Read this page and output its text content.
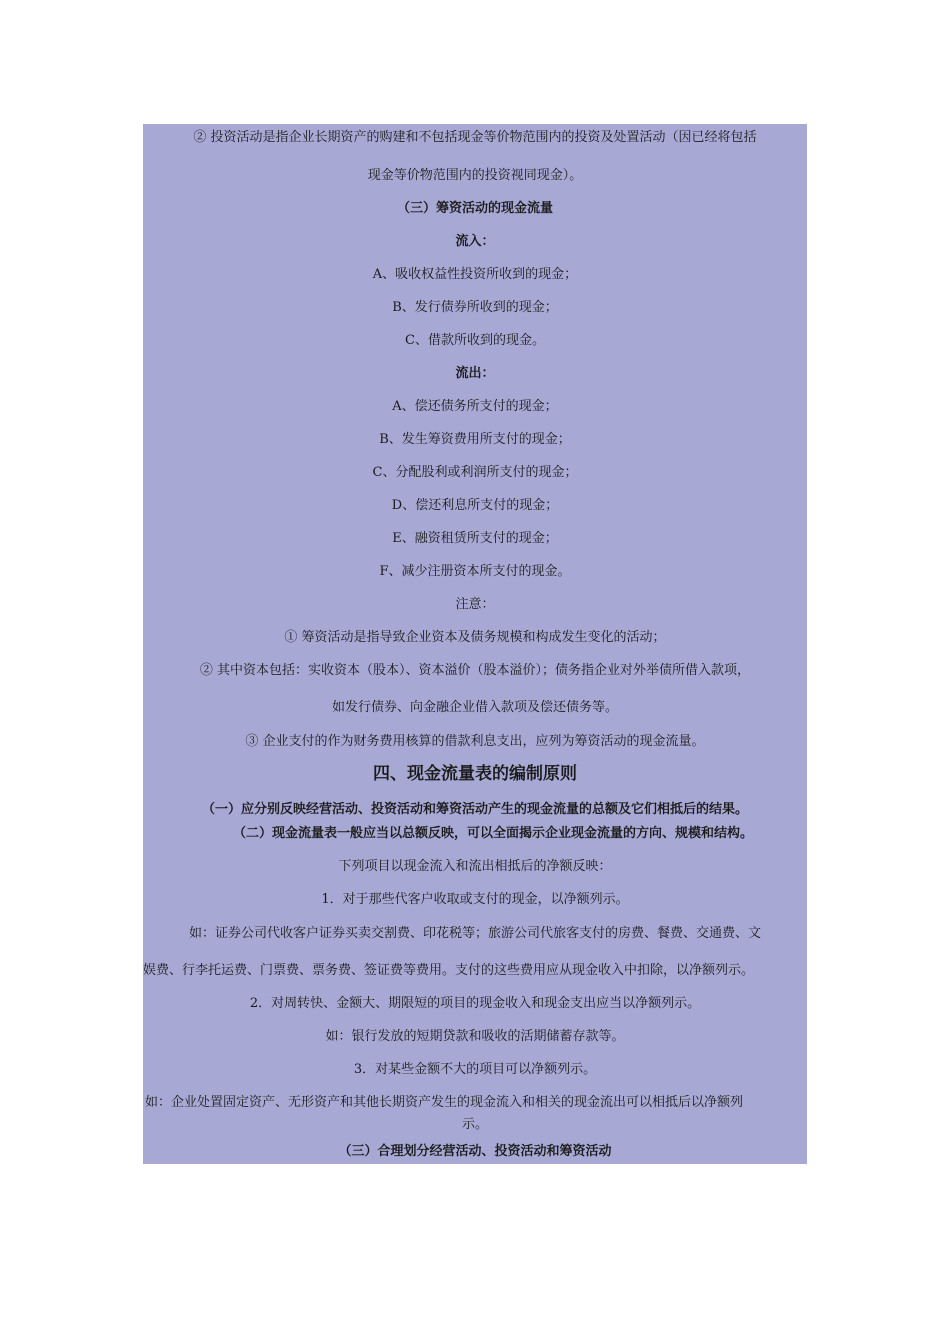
② 投资活动是指企业长期资产的购建和不包括现金等价物范围内的投资及处置活动（因已经将包括
现金等价物范围内的投资视同现金）。
（三）筹资活动的现金流量
流入：
A、吸收权益性投资所收到的现金；
B、发行债券所收到的现金；
C、借款所收到的现金。
流出：
A、偿还债务所支付的现金；
B、发生筹资费用所支付的现金；
C、分配股利或利润所支付的现金；
D、偿还利息所支付的现金；
E、融资租赁所支付的现金；
F、减少注册资本所支付的现金。
注意：
① 筹资活动是指导致企业资本及债务规模和构成发生变化的活动；
② 其中资本包括：实收资本（股本）、资本溢价（股本溢价）；债务指企业对外举债所借入款项，
如发行债券、向金融企业借入款项及偿还债务等。
③ 企业支付的作为财务费用核算的借款利息支出，应列为筹资活动的现金流量。
四、现金流量表的编制原则
（一）应分别反映经营活动、投资活动和筹资活动产生的现金流量的总额及它们相抵后的结果。
（二）现金流量表一般应当以总额反映，可以全面揭示企业现金流量的方向、规模和结构。
下列项目以现金流入和流出相抵后的净额反映：
1．对于那些代客户收取或支付的现金，以净额列示。
如：证券公司代收客户证券买卖交割费、印花税等；旅游公司代旅客支付的房费、餐费、交通费、文
娱费、行李托运费、门票费、票务费、签证费等费用。支付的这些费用应从现金收入中扣除，以净额列示。
2．对周转快、金额大、期限短的项目的现金收入和现金支出应当以净额列示。
如：银行发放的短期贷款和吸收的活期储蓄存款等。
3．对某些金额不大的项目可以净额列示。
如：企业处置固定资产、无形资产和其他长期资产发生的现金流入和相关的现金流出可以相抵后以净额列
示。
（三）合理划分经营活动、投资活动和筹资活动
